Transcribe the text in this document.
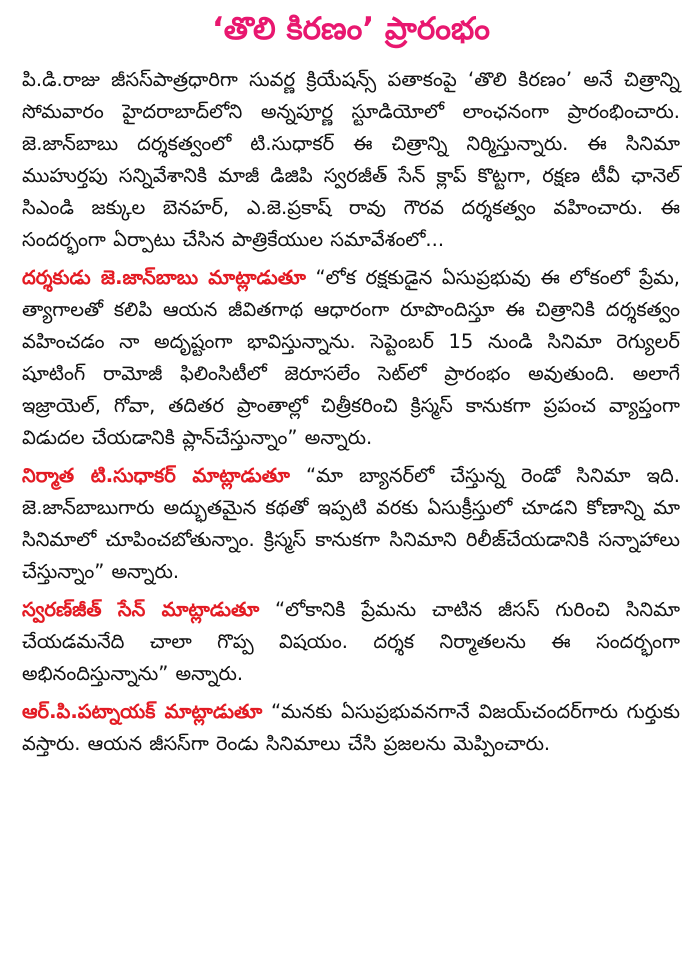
‘తొలి కిరణం’ ప్రారంభం

పి.డి.రాజు జీసస్‌పాత్రధారిగా సువర్ణ క్రియేషన్స్ పతాకంపై ‘తొలి కిరణం’ అనే చిత్రాన్ని సోమవారం హైదరాబాద్‌లోని అన్నపూర్ణ స్టూడియోలో లాంఛనంగా ప్రారంభించారు. జె.జాన్‌బాబు దర్శకత్వంలో టి.సుధాకర్ ఈ చిత్రాన్ని నిర్మిస్తున్నారు. ఈ సినిమా ముహుర్తపు సన్నివేశానికి మాజీ డిజిపి స్వరజీత్ సేన్ క్లాప్ కొట్టగా, రక్షణ టీవీ ఛానెల్ సిఎండి జక్కుల బెనహర్, ఎ.జె.ప్రకాష్ రావు గౌరవ దర్శకత్వం వహించారు. ఈ సందర్భంగా ఏర్పాటు చేసిన పాత్రికేయుల సమావేశంలో...

దర్శకుడు జె.జాన్‌బాబు మాట్లాడుతూ “లోక రక్షకుడైన ఏసుప్రభువు ఈ లోకంలో ప్రేమ, త్యాగాలతో కలిపి ఆయన జీవితగాథ ఆధారంగా రూపొందిస్తూ ఈ చిత్రానికి దర్శకత్వం వహించడం నా అదృష్టంగా భావిస్తున్నాను. సెప్టెంబర్ 15 నుండి సినిమా రెగ్యులర్ షూటింగ్ రామోజీ ఫిలింసిటీలో జెరూసలేం సెట్‌లో ప్రారంభం అవుతుంది. అలాగే ఇజ్రాయెల్, గోవా, తదితర ప్రాంతాల్లో చిత్రీకరించి క్రిస్మస్ కానుకగా ప్రపంచ వ్యాప్తంగా విడుదల చేయడానికి ప్లాన్‌చేస్తున్నాం” అన్నారు.

నిర్మాత టి.సుధాకర్ మాట్లాడుతూ “మా బ్యానర్‌లో చేస్తున్న రెండో సినిమా ఇది. జె.జాన్‌బాబుగారు అద్భుతమైన కథతో ఇప్పటి వరకు ఏసుక్రీస్తులో చూడని కోణాన్ని మా సినిమాలో చూపించబోతున్నాం. క్రిస్మస్ కానుకగా సినిమాని రిలీజ్‌చేయడానికి సన్నాహాలు చేస్తున్నాం” అన్నారు.

స్వరణ్‌జీత్ సేన్ మాట్లాడుతూ “లోకానికి ప్రేమను చాటిన జీసస్ గురించి సినిమా చేయడమనేది చాలా గొప్ప విషయం. దర్శక నిర్మాతలను ఈ సందర్భంగా అభినందిస్తున్నాను” అన్నారు.

ఆర్.పి.పట్నాయక్ మాట్లాడుతూ “మనకు ఏసుప్రభువనగానే విజయ్‌చందర్‌గారు గుర్తుకు వస్తారు. ఆయన జీసస్‌గా రెండు సినిమాలు చేసి ప్రజలను మెప్పించారు.
